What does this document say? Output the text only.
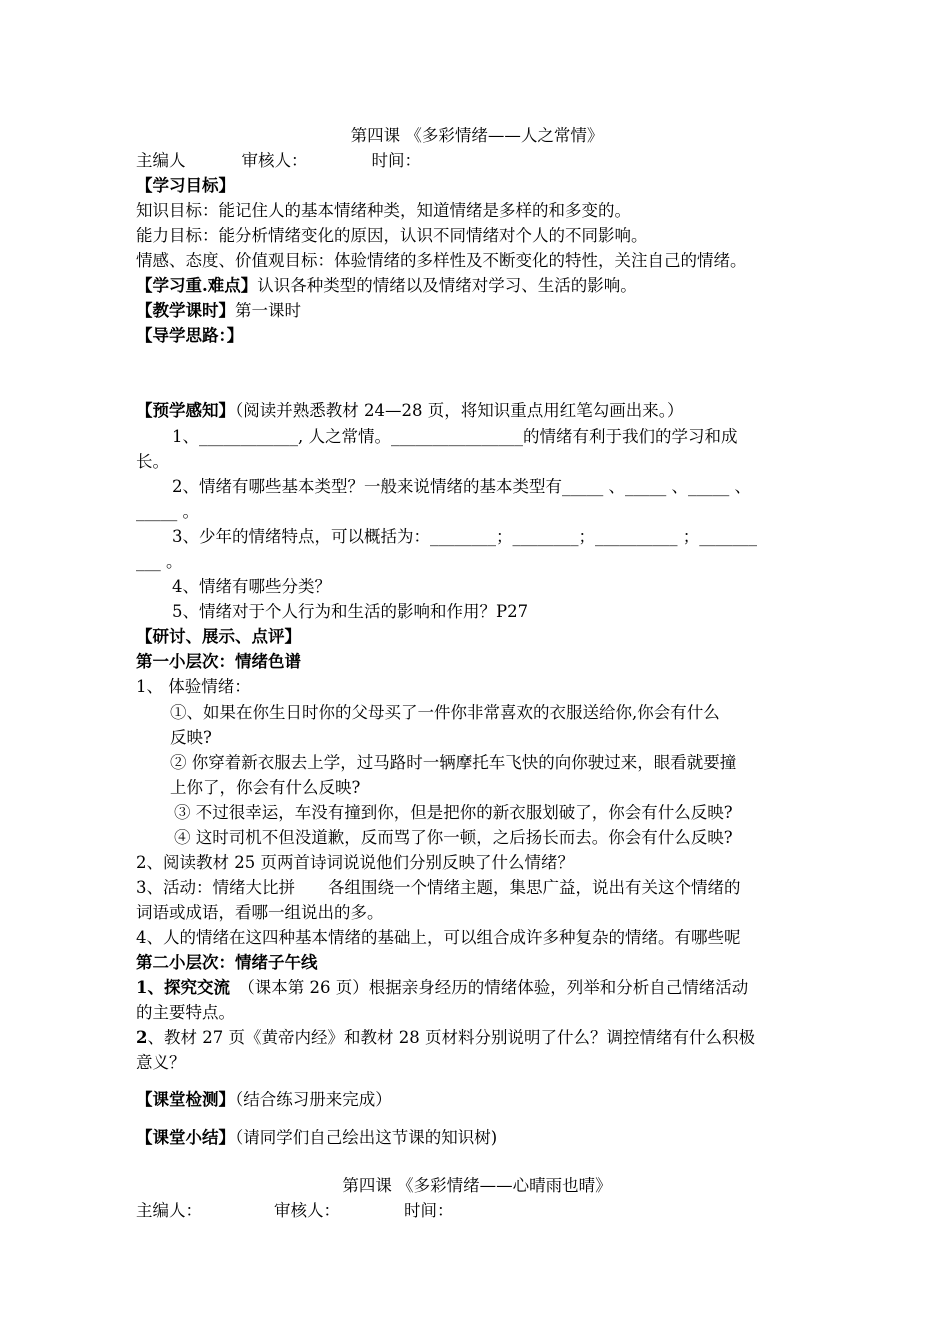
第四课 《多彩情绪——人之常情》
主编人	审核人：	时间：
【学习目标】
知识目标：能记住人的基本情绪种类，知道情绪是多样的和多变的。
能力目标：能分析情绪变化的原因，认识不同情绪对个人的不同影响。
情感、态度、价值观目标：体验情绪的多样性及不断变化的特性，关注自己的情绪。
【学习重.难点】认识各种类型的情绪以及情绪对学习、生活的影响。
【教学课时】第一课时
【导学思路：】
【预学感知】（阅读并熟悉教材 24—28 页，将知识重点用红笔勾画出来。）
1、____________, 人之常情。________________的情绪有利于我们的学习和成
长。
2、情绪有哪些基本类型？一般来说情绪的基本类型有_____ 、_____ 、_____ 、
_____ 。
3、少年的情绪特点，可以概括为：________；________；__________ ；_______
___ 。
4、情绪有哪些分类？
5、情绪对于个人行为和生活的影响和作用？P27
【研讨、展示、点评】
第一小层次：情绪色谱
1、 体验情绪：
①、如果在你生日时你的父母买了一件你非常喜欢的衣服送给你,你会有什么
反映?
② 你穿着新衣服去上学，过马路时一辆摩托车飞快的向你驶过来，眼看就要撞
上你了，你会有什么反映?
③ 不过很幸运，车没有撞到你，但是把你的新衣服划破了，你会有什么反映?
④ 这时司机不但没道歉，反而骂了你一顿，之后扬长而去。你会有什么反映?
2、阅读教材 25 页两首诗词说说他们分别反映了什么情绪？
3、活动：情绪大比拼　　各组围绕一个情绪主题，集思广益，说出有关这个情绪的
词语或成语，看哪一组说出的多。
4、人的情绪在这四种基本情绪的基础上，可以组合成许多种复杂的情绪。有哪些呢
第二小层次：情绪子午线
1、探究交流　（课本第 26 页）根据亲身经历的情绪体验，列举和分析自己情绪活动
的主要特点。
2、教材 27 页《黄帝内经》和教材 28 页材料分别说明了什么？调控情绪有什么积极
意义？
【课堂检测】（结合练习册来完成）
【课堂小结】（请同学们自己绘出这节课的知识树)
第四课 《多彩情绪——心晴雨也晴》
主编人：	审核人：	时间：
